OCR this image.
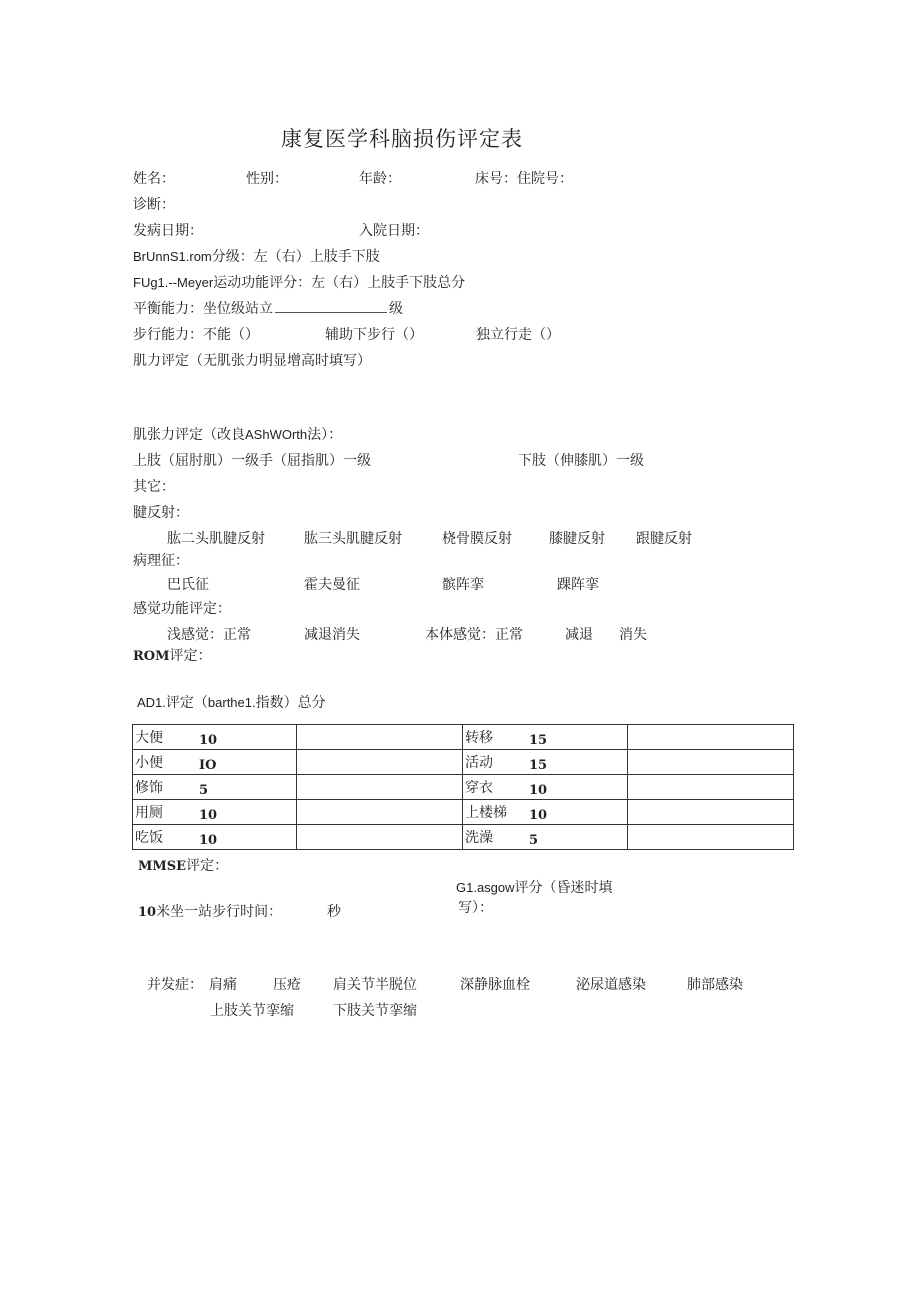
康复医学科脑损伤评定表
姓名：	性别：	年龄：	床号：住院号：
诊断：
发病日期：	入院日期：
BrUnnS1.rom分级：左（右）上肢手下肢
FUg1.--Meyer运动功能评分：左（右）上肢手下肢总分
平衡能力：坐位级站立	级
步行能力：不能（）	辅助下步行（）	独立行走（）
肌力评定（无肌张力明显增高时填写）
肌张力评定（改良AShWOrth法）：
上肢（屈肘肌）一级手（屈指肌）一级	下肢（伸膝肌）一级
其它：
腱反射：
肱二头肌腱反射	肱三头肌腱反射	桡骨膜反射	膝腱反射 跟腱反射
病理征：
巴氏征	霍夫曼征	髌阵挛	踝阵挛
感觉功能评定：
浅感觉：正常	减退消失	本体感觉：正常	减退 消失
ROM评定：
AD1.评定（barthe1.指数）总分
大便 10		转移 15	
小便 IO		活动 15	
修饰 5		穿衣 10	
用厕 10		上楼梯 10	
吃饭 10		洗澡 5	
MMSE评定：
G1.asgow评分（昏迷时填
写）：
10米坐一站步行时间：	秒
并发症： 肩痛	压疮 肩关节半脱位	深静脉血栓	泌尿道感染	肺部感染
上肢关节挛缩	下肢关节挛缩
